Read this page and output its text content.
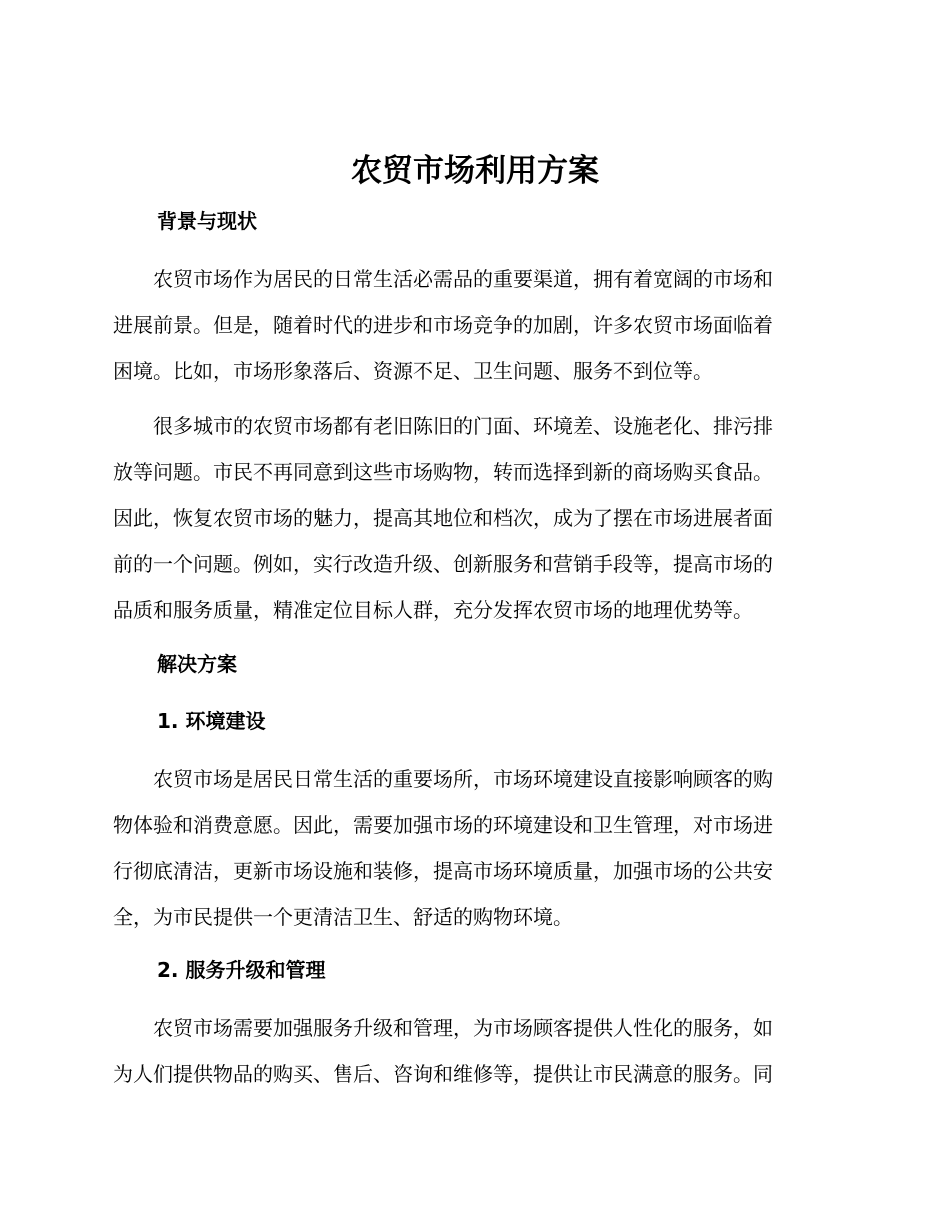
农贸市场利用方案
背景与现状
　　农贸市场作为居民的日常生活必需品的重要渠道，拥有着宽阔的市场和
进展前景。但是，随着时代的进步和市场竞争的加剧，许多农贸市场面临着
困境。比如，市场形象落后、资源不足、卫生问题、服务不到位等。
　　很多城市的农贸市场都有老旧陈旧的门面、环境差、设施老化、排污排
放等问题。市民不再同意到这些市场购物，转而选择到新的商场购买食品。
因此，恢复农贸市场的魅力，提高其地位和档次，成为了摆在市场进展者面
前的一个问题。例如，实行改造升级、创新服务和营销手段等，提高市场的
品质和服务质量，精准定位目标人群，充分发挥农贸市场的地理优势等。
解决方案
1. 环境建设
　　农贸市场是居民日常生活的重要场所，市场环境建设直接影响顾客的购
物体验和消费意愿。因此，需要加强市场的环境建设和卫生管理，对市场进
行彻底清洁，更新市场设施和装修，提高市场环境质量，加强市场的公共安
全，为市民提供一个更清洁卫生、舒适的购物环境。
2. 服务升级和管理
　　农贸市场需要加强服务升级和管理，为市场顾客提供人性化的服务，如
为人们提供物品的购买、售后、咨询和维修等，提供让市民满意的服务。同
